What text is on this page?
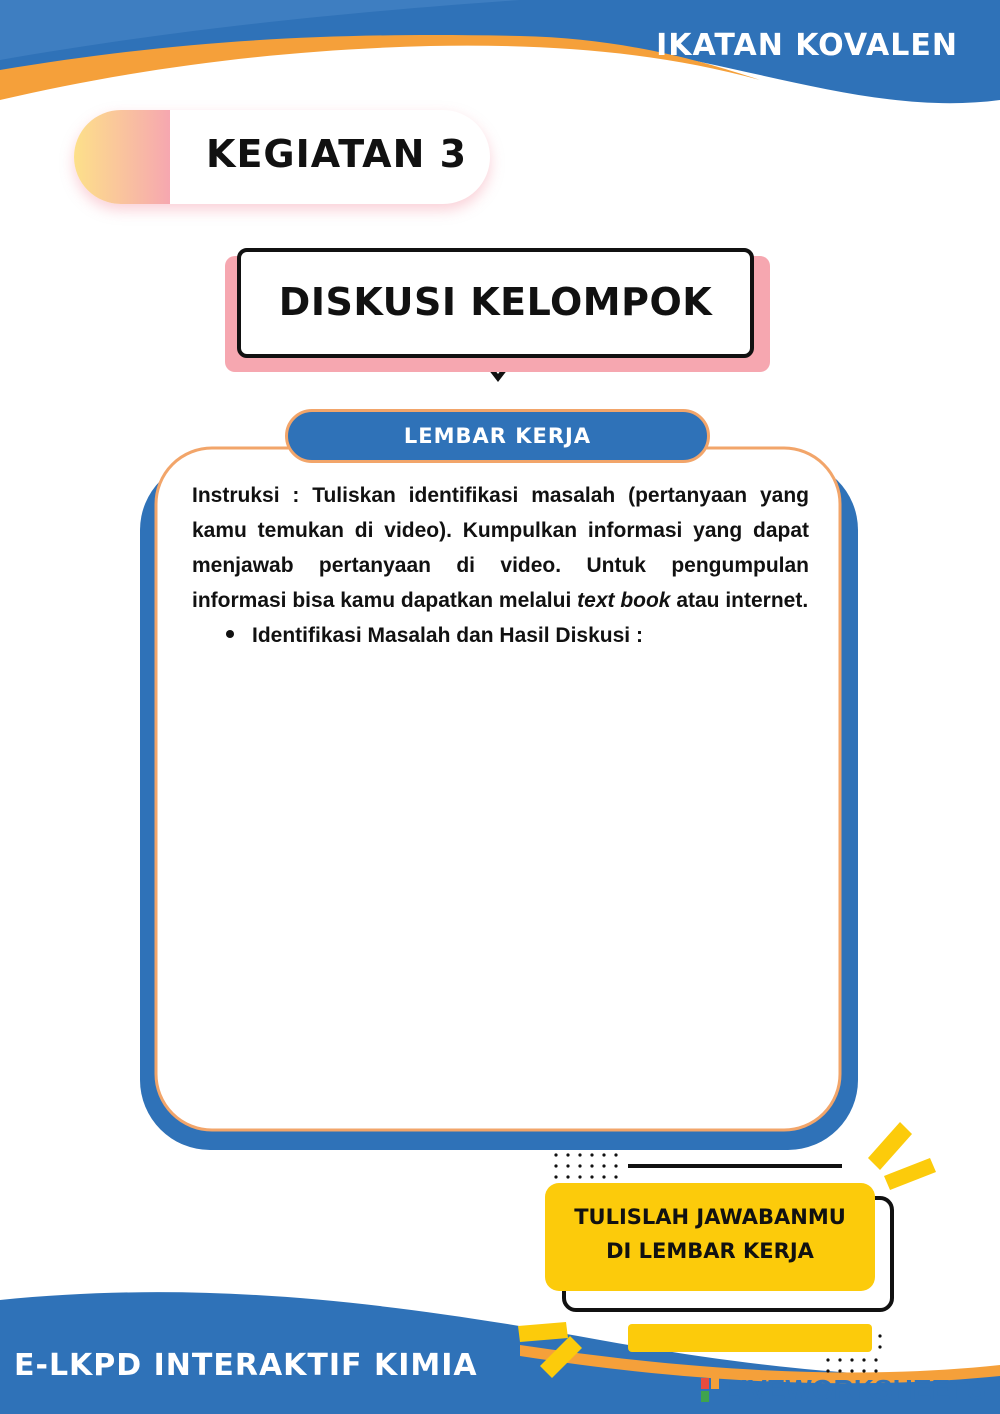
IKATAN KOVALEN
KEGIATAN 3
DISKUSI KELOMPOK
LEMBAR KERJA
Instruksi : Tuliskan identifikasi masalah (pertanyaan yang kamu temukan di video). Kumpulkan informasi yang dapat menjawab pertanyaan di video. Untuk pengumpulan informasi bisa kamu dapatkan melalui text book atau internet.
Identifikasi Masalah dan Hasil Diskusi :
TULISLAH JAWABANMU
DI LEMBAR KERJA
E-LKPD INTERAKTIF KIMIA
LIVEWORKSHEETS
